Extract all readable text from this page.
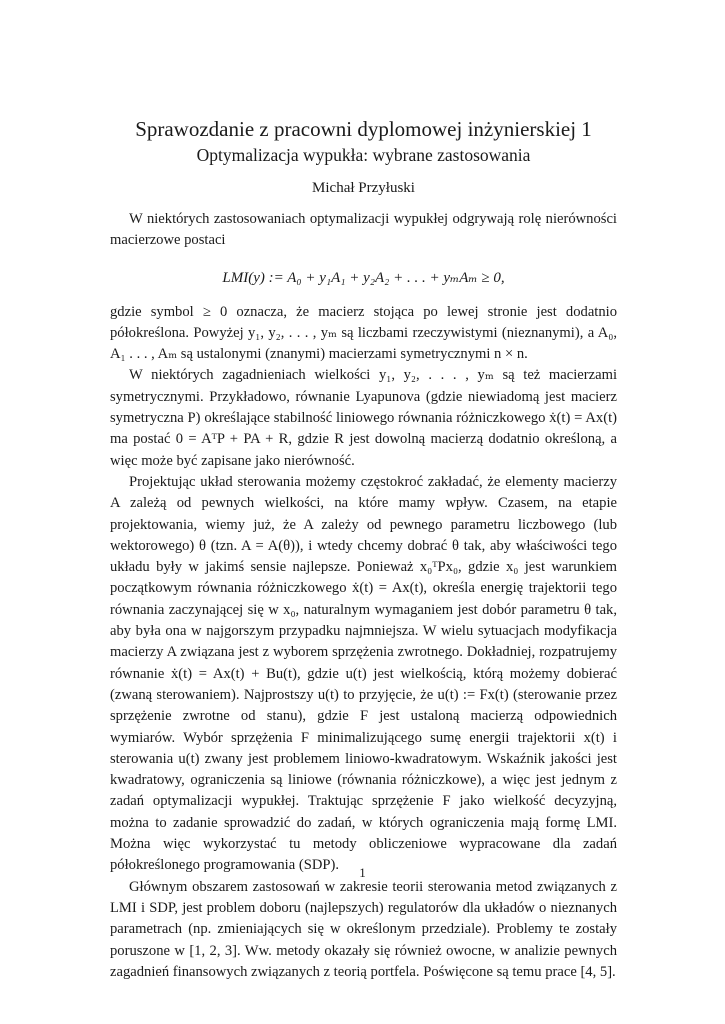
Sprawozdanie z pracowni dyplomowej inżynierskiej 1
Optymalizacja wypukła: wybrane zastosowania
Michał Przyłuski

W niektórych zastosowaniach optymalizacji wypukłej odgrywają rolę nierówności macierzowe postaci

LMI(y) := A₀ + y₁A₁ + y₂A₂ + . . . + yₘAₘ ≥ 0,

gdzie symbol ≥ 0 oznacza, że macierz stojąca po lewej stronie jest dodatnio półokreślona. Powyżej y₁, y₂, . . . , yₘ są liczbami rzeczywistymi (nieznanymi), a A₀, A₁ . . . , Aₘ są ustalonymi (znanymi) macierzami symetrycznymi n × n.

W niektórych zagadnieniach wielkości y₁, y₂, . . . , yₘ są też macierzami symetrycznymi. Przykładowo, równanie Lyapunova (gdzie niewiadomą jest macierz symetryczna P) określające stabilność liniowego równania różniczkowego ẋ(t) = Ax(t) ma postać 0 = AᵀP + PA + R, gdzie R jest dowolną macierzą dodatnio określoną, a więc może być zapisane jako nierówność.

Projektując układ sterowania możemy częstokroć zakładać, że elementy macierzy A zależą od pewnych wielkości, na które mamy wpływ. Czasem, na etapie projektowania, wiemy już, że A zależy od pewnego parametru liczbowego (lub wektorowego) θ (tzn. A = A(θ)), i wtedy chcemy dobrać θ tak, aby właściwości tego układu były w jakimś sensie najlepsze. Ponieważ x₀ᵀPx₀, gdzie x₀ jest warunkiem początkowym równania różniczkowego ẋ(t) = Ax(t), określa energię trajektorii tego równania zaczynającej się w x₀, naturalnym wymaganiem jest dobór parametru θ tak, aby była ona w najgorszym przypadku najmniejsza. W wielu sytuacjach modyfikacja macierzy A związana jest z wyborem sprzężenia zwrotnego. Dokładniej, rozpatrujemy równanie ẋ(t) = Ax(t) + Bu(t), gdzie u(t) jest wielkością, którą możemy dobierać (zwaną sterowaniem). Najprostszy u(t) to przyjęcie, że u(t) := Fx(t) (sterowanie przez sprzężenie zwrotne od stanu), gdzie F jest ustaloną macierzą odpowiednich wymiarów. Wybór sprzężenia F minimalizującego sumę energii trajektorii x(t) i sterowania u(t) zwany jest problemem liniowo-kwadratowym. Wskaźnik jakości jest kwadratowy, ograniczenia są liniowe (równania różniczkowe), a więc jest jednym z zadań optymalizacji wypukłej. Traktując sprzężenie F jako wielkość decyzyjną, można to zadanie sprowadzić do zadań, w których ograniczenia mają formę LMI. Można więc wykorzystać tu metody obliczeniowe wypracowane dla zadań półokreślonego programowania (SDP).

Głównym obszarem zastosowań w zakresie teorii sterowania metod związanych z LMI i SDP, jest problem doboru (najlepszych) regulatorów dla układów o nieznanych parametrach (np. zmieniających się w określonym przedziale). Problemy te zostały poruszone w [1, 2, 3]. Ww. metody okazały się również owocne, w analizie pewnych zagadnień finansowych związanych z teorią portfela. Poświęcone są temu prace [4, 5].

1
